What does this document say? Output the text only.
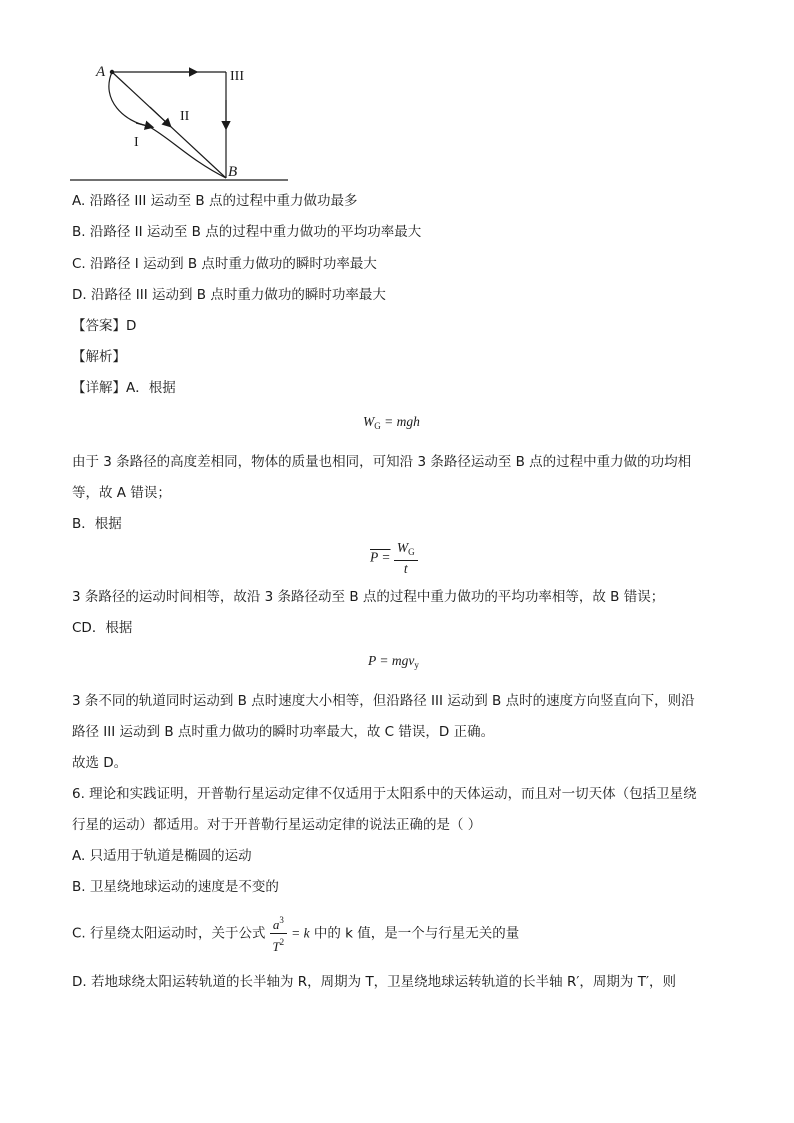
A
B
III
II
I
A. 沿路径 III 运动至 B 点的过程中重力做功最多
B. 沿路径 II 运动至 B 点的过程中重力做功的平均功率最大
C. 沿路径 I 运动到 B 点时重力做功的瞬时功率最大
D. 沿路径 III 运动到 B 点时重力做功的瞬时功率最大
【答案】D
【解析】
【详解】A．根据
$W_G$ = mgh
由于 3 条路径的高度差相同，物体的质量也相同，可知沿 3 条路径运动至 B 点的过程中重力做的功均相
等，故 A 错误；
B．根据
$P = \frac{W_G}{t}$
3 条路径的运动时间相等，故沿 3 条路径动至 B 点的过程中重力做功的平均功率相等，故 B 错误；
CD．根据
P = mgv$_y$
3 条不同的轨道同时运动到 B 点时速度大小相等，但沿路径 III 运动到 B 点时的速度方向竖直向下，则沿
路径 III 运动到 B 点时重力做功的瞬时功率最大，故 C 错误，D 正确。
故选 D。
6. 理论和实践证明，开普勒行星运动定律不仅适用于太阳系中的天体运动，而且对一切天体（包括卫星绕
行星的运动）都适用。对于开普勒行星运动定律的说法正确的是（ ）
A. 只适用于轨道是椭圆的运动
B. 卫星绕地球运动的速度是不变的
C. 行星绕太阳运动时，关于公式 $\frac{a^3}{T^2} = k$ 中的 k 值，是一个与行星无关的量
D. 若地球绕太阳运转轨道的长半轴为 R，周期为 T，卫星绕地球运转轨道的长半轴 R′，周期为 T′，则
